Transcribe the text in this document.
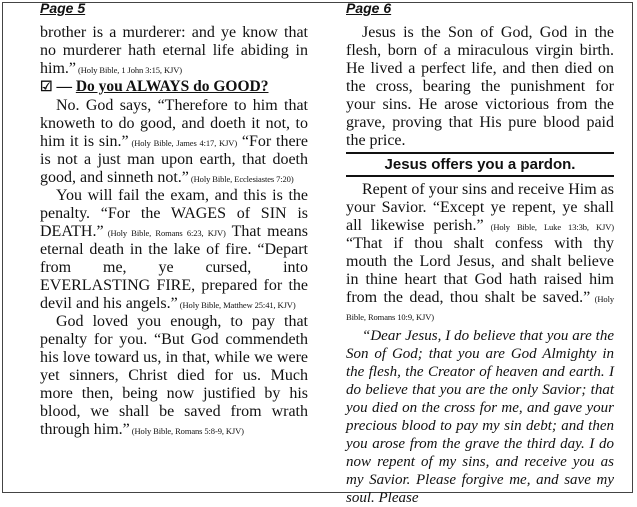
Page 5

brother is a murderer: and ye know that no murderer hath eternal life abiding in him.” (Holy Bible, 1 John 3:15, KJV)

☑ — Do you ALWAYS do GOOD?

No. God says, “Therefore to him that knoweth to do good, and doeth it not, to him it is sin.” (Holy Bible, James 4:17, KJV) “For there is not a just man upon earth, that doeth good, and sinneth not.” (Holy Bible, Ecclesiastes 7:20)

You will fail the exam, and this is the penalty. “For the WAGES of SIN is DEATH.” (Holy Bible, Romans 6:23, KJV) That means eternal death in the lake of fire. “Depart from me, ye cursed, into EVERLASTING FIRE, prepared for the devil and his angels.” (Holy Bible, Matthew 25:41, KJV)

God loved you enough, to pay that penalty for you. “But God commendeth his love toward us, in that, while we were yet sinners, Christ died for us. Much more then, being now justified by his blood, we shall be saved from wrath through him.” (Holy Bible, Romans 5:8-9, KJV)

Page 6

Jesus is the Son of God, God in the flesh, born of a miraculous virgin birth. He lived a perfect life, and then died on the cross, bearing the punishment for your sins. He arose victorious from the grave, proving that His pure blood paid the price.

Jesus offers you a pardon.

Repent of your sins and receive Him as your Savior. “Except ye repent, ye shall all likewise perish.” (Holy Bible, Luke 13:3b, KJV) “That if thou shalt confess with thy mouth the Lord Jesus, and shalt believe in thine heart that God hath raised him from the dead, thou shalt be saved.” (Holy Bible, Romans 10:9, KJV)

“Dear Jesus, I do believe that you are the Son of God; that you are God Almighty in the flesh, the Creator of heaven and earth. I do believe that you are the only Savior; that you died on the cross for me, and gave your precious blood to pay my sin debt; and then you arose from the grave the third day. I do now repent of my sins, and receive you as my Savior. Please forgive me, and save my soul. Please
